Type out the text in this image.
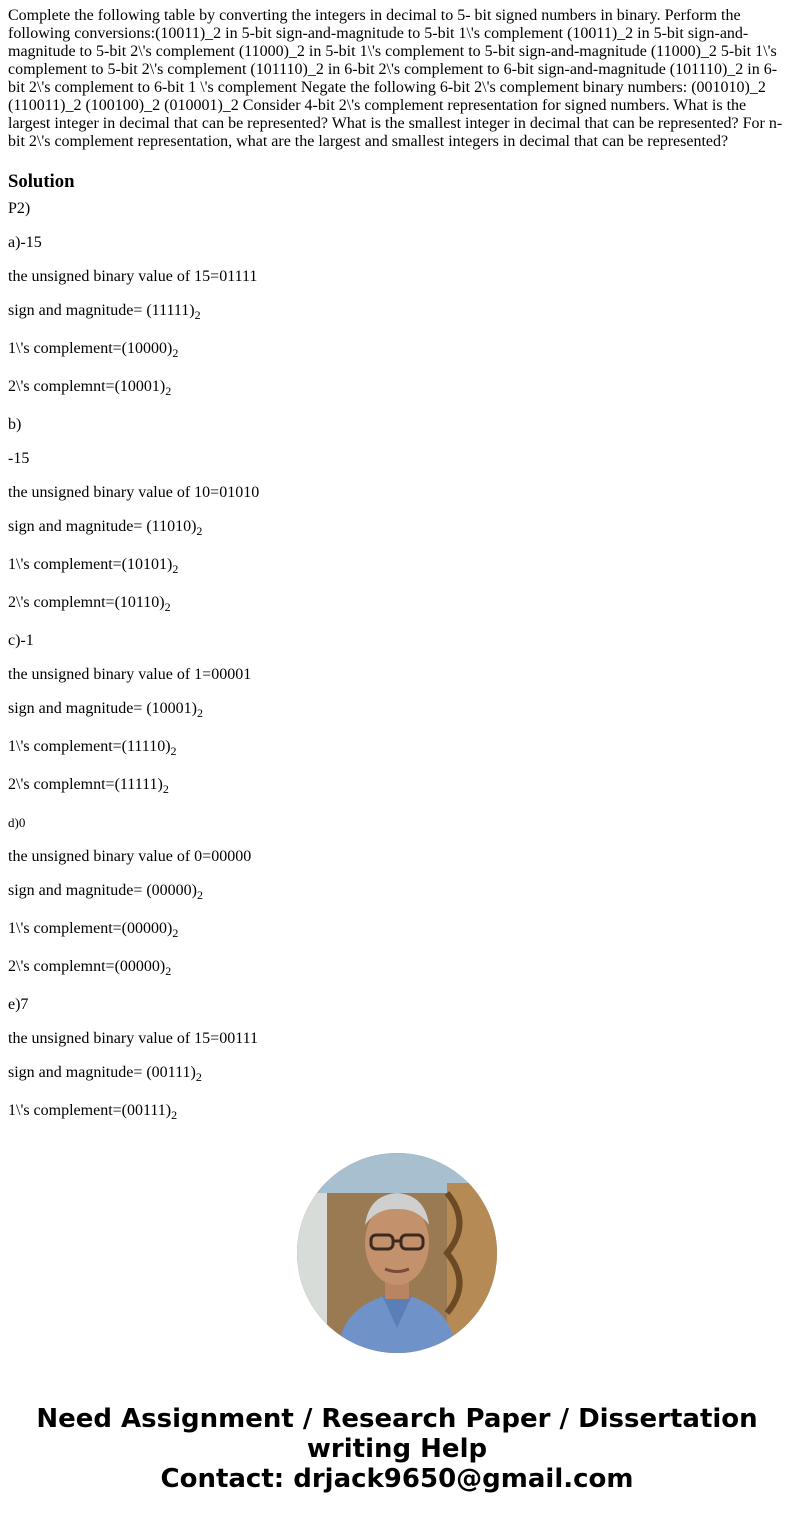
Complete the following table by converting the integers in decimal to 5- bit signed numbers in binary. Perform the following conversions:(10011)_2 in 5-bit sign-and-magnitude to 5-bit 1\'s complement (10011)_2 in 5-bit sign-and-magnitude to 5-bit 2\'s complement (11000)_2 in 5-bit 1\'s complement to 5-bit sign-and-magnitude (11000)_2 5-bit 1\'s complement to 5-bit 2\'s complement (101110)_2 in 6-bit 2\'s complement to 6-bit sign-and-magnitude (101110)_2 in 6-bit 2\'s complement to 6-bit 1 \'s complement Negate the following 6-bit 2\'s complement binary numbers: (001010)_2 (110011)_2 (100100)_2 (010001)_2 Consider 4-bit 2\'s complement representation for signed numbers. What is the largest integer in decimal that can be represented? What is the smallest integer in decimal that can be represented? For n-bit 2\'s complement representation, what are the largest and smallest integers in decimal that can be represented?

Solution
P2)
a)-15
the unsigned binary value of 15=01111
sign and magnitude= $(11111)_2$
1\'s $complement=(10000)_2$
2\'s $complemnt=(10001)_2$
b)
-15
the unsigned binary value of 10=01010
sign and magnitude= $(11010)_2$
1\'s $complement=(10101)_2$
2\'s $complemnt=(10110)_2$
c)-1
the unsigned binary value of 1=00001
sign and magnitude= $(10001)_2$
1\'s $complement=(11110)_2$
2\'s $complemnt=(11111)_2$
d)0
the unsigned binary value of 0=00000
sign and magnitude= $(00000)_2$
1\'s $complement=(00000)_2$
2\'s $complemnt=(00000)_2$
e)7
the unsigned binary value of 15=00111
sign and magnitude= $(00111)_2$
1\'s $complement=(00111)_2$

Need Assignment / Research Paper / Dissertation
writing Help
Contact: drjack9650@gmail.com
